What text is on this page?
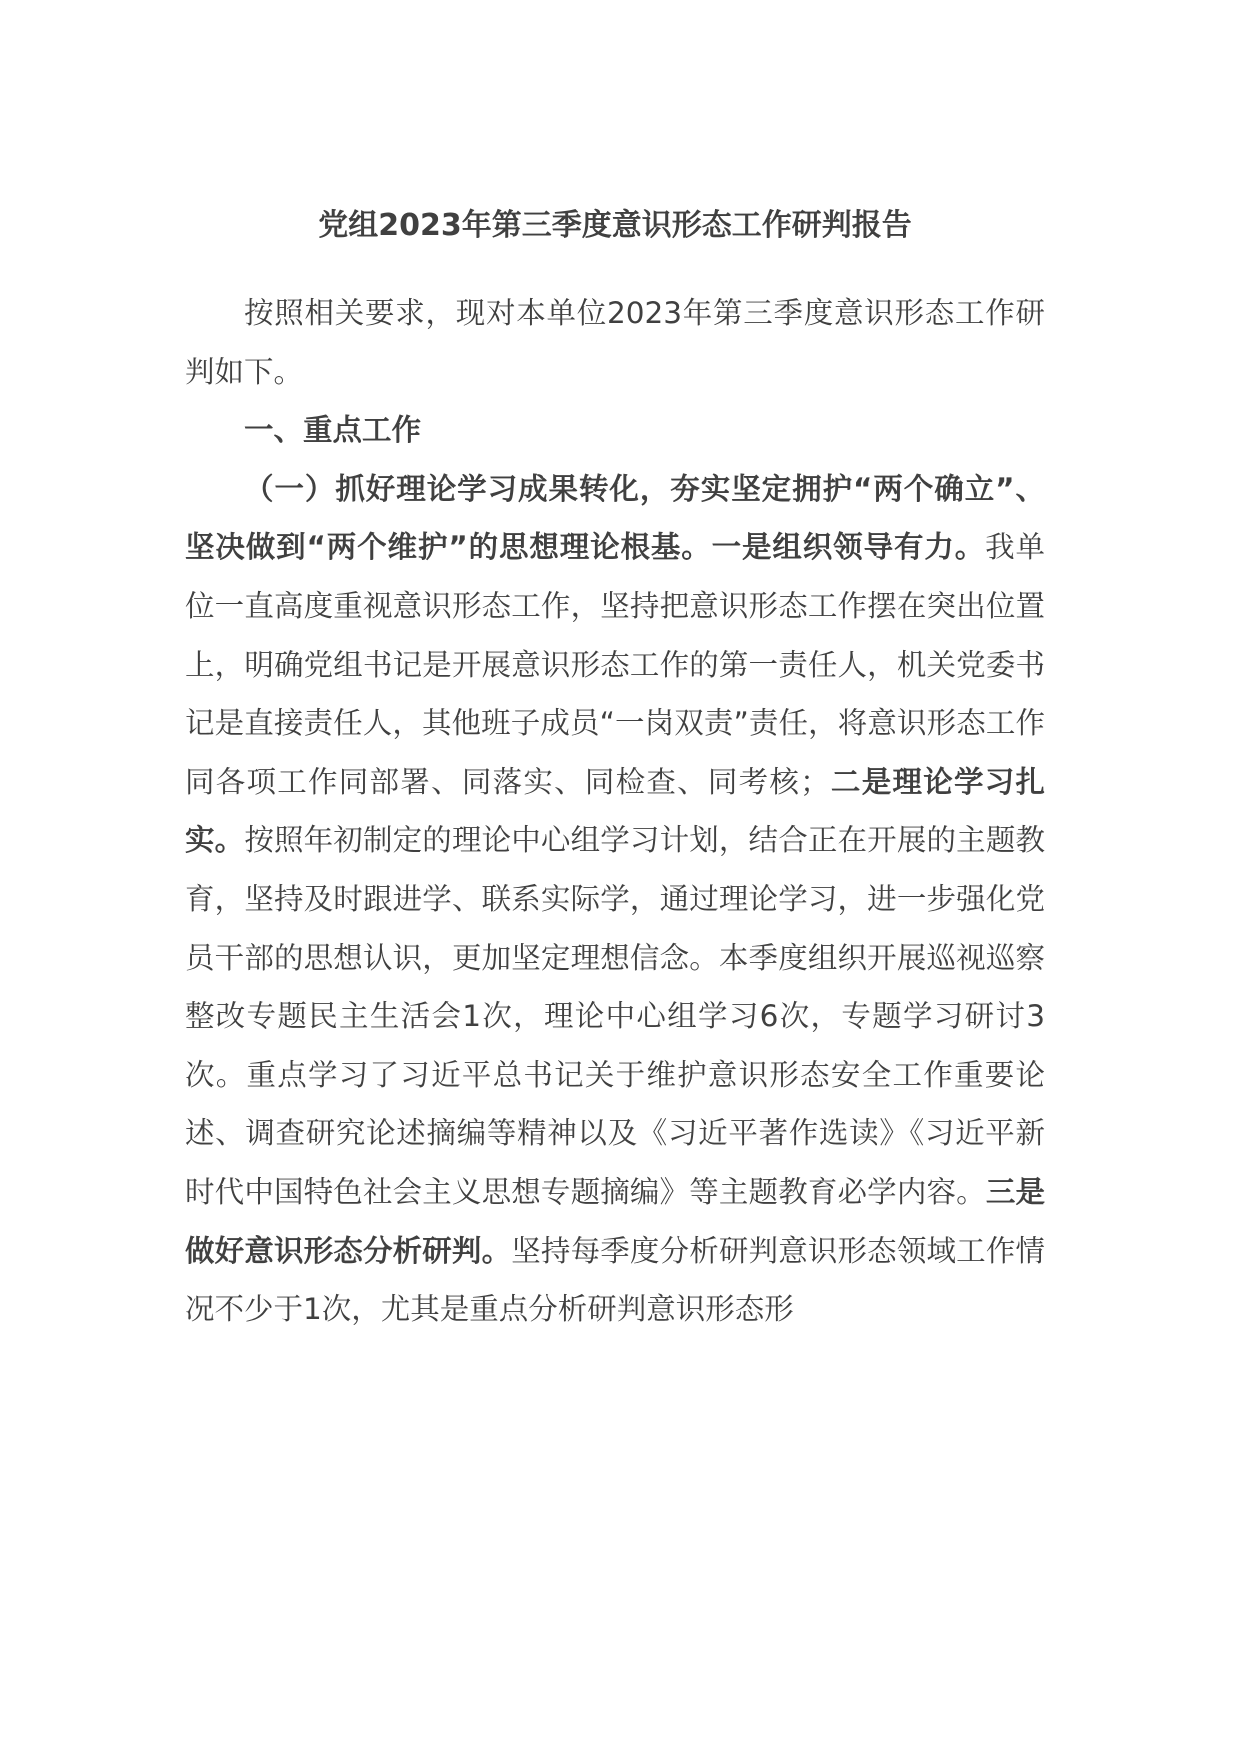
党组2023年第三季度意识形态工作研判报告

按照相关要求，现对本单位2023年第三季度意识形态工作研判如下。

一、重点工作

（一）抓好理论学习成果转化，夯实坚定拥护“两个确立”、坚决做到“两个维护”的思想理论根基。一是组织领导有力。我单位一直高度重视意识形态工作，坚持把意识形态工作摆在突出位置上，明确党组书记是开展意识形态工作的第一责任人，机关党委书记是直接责任人，其他班子成员“一岗双责”责任，将意识形态工作同各项工作同部署、同落实、同检查、同考核；二是理论学习扎实。按照年初制定的理论中心组学习计划，结合正在开展的主题教育，坚持及时跟进学、联系实际学，通过理论学习，进一步强化党员干部的思想认识，更加坚定理想信念。本季度组织开展巡视巡察整改专题民主生活会1次，理论中心组学习6次，专题学习研讨3次。重点学习了习近平总书记关于维护意识形态安全工作重要论述、调查研究论述摘编等精神以及《习近平著作选读》《习近平新时代中国特色社会主义思想专题摘编》等主题教育必学内容。三是做好意识形态分析研判。坚持每季度分析研判意识形态领域工作情况不少于1次，尤其是重点分析研判意识形态形
